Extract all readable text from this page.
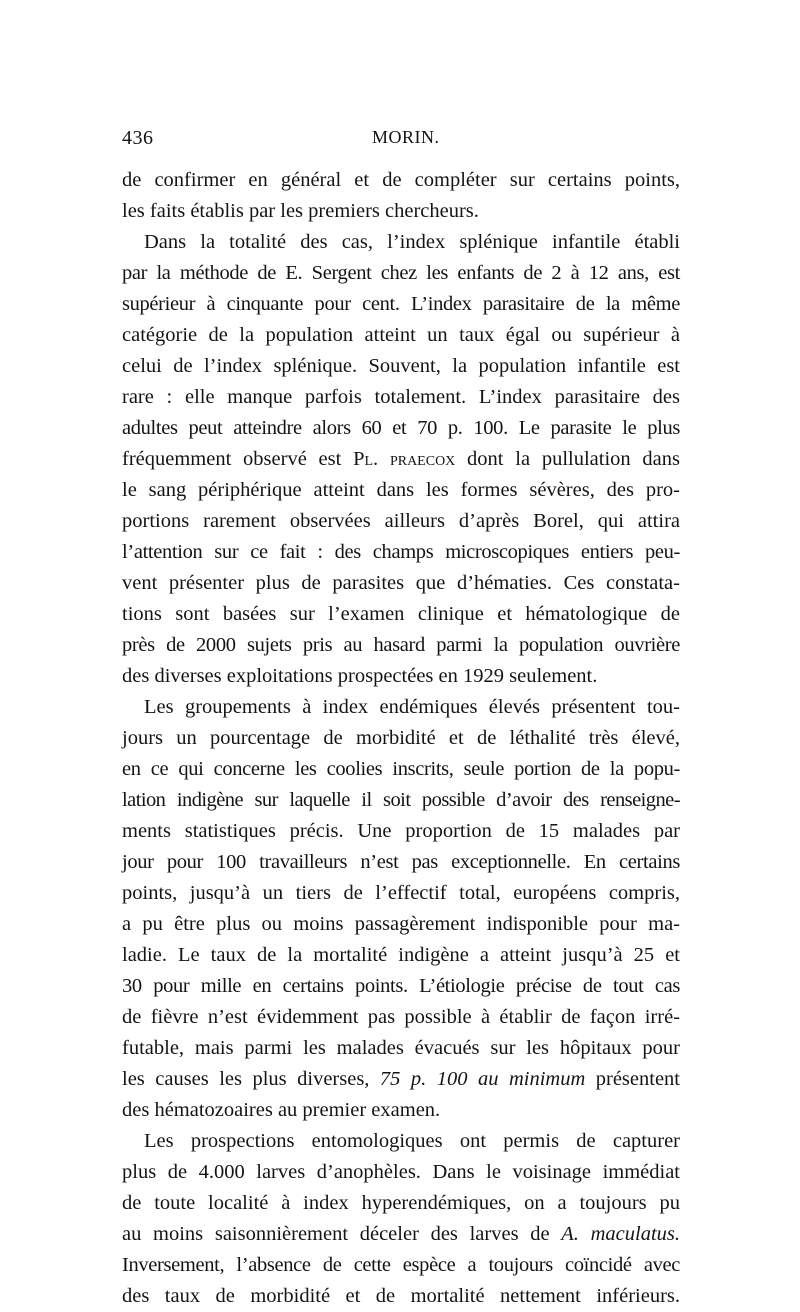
436	MORIN.
de confirmer en général et de compléter sur certains points,
les faits établis par les premiers chercheurs.
Dans la totalité des cas, l’index splénique infantile établi
par la méthode de E. Sergent chez les enfants de 2 à 12 ans, est
supérieur à cinquante pour cent. L’index parasitaire de la même
catégorie de la population atteint un taux égal ou supérieur à
celui de l’index splénique. Souvent, la population infantile est
rare : elle manque parfois totalement. L’index parasitaire des
adultes peut atteindre alors 60 et 70 p. 100. Le parasite le plus
fréquemment observé est Pl. praecox dont la pullulation dans
le sang périphérique atteint dans les formes sévères, des pro-
portions rarement observées ailleurs d’après Borel, qui attira
l’attention sur ce fait : des champs microscopiques entiers peu-
vent présenter plus de parasites que d’hématies. Ces constata-
tions sont basées sur l’examen clinique et hématologique de
près de 2000 sujets pris au hasard parmi la population ouvrière
des diverses exploitations prospectées en 1929 seulement.
Les groupements à index endémiques élevés présentent tou-
jours un pourcentage de morbidité et de léthalité très élevé,
en ce qui concerne les coolies inscrits, seule portion de la popu-
lation indigène sur laquelle il soit possible d’avoir des renseigne-
ments statistiques précis. Une proportion de 15 malades par
jour pour 100 travailleurs n’est pas exceptionnelle. En certains
points, jusqu’à un tiers de l’effectif total, européens compris,
a pu être plus ou moins passagèrement indisponible pour ma-
ladie. Le taux de la mortalité indigène a atteint jusqu’à 25 et
30 pour mille en certains points. L’étiologie précise de tout cas
de fièvre n’est évidemment pas possible à établir de façon irré-
futable, mais parmi les malades évacués sur les hôpitaux pour
les causes les plus diverses, 75 p. 100 au minimum présentent
des hématozoaires au premier examen.
Les prospections entomologiques ont permis de capturer
plus de 4.000 larves d’anophèles. Dans le voisinage immédiat
de toute localité à index hyperendémiques, on a toujours pu
au moins saisonnièrement déceler des larves de A. maculatus.
Inversement, l’absence de cette espèce a toujours coïncidé avec
des taux de morbidité et de mortalité nettement inférieurs.
